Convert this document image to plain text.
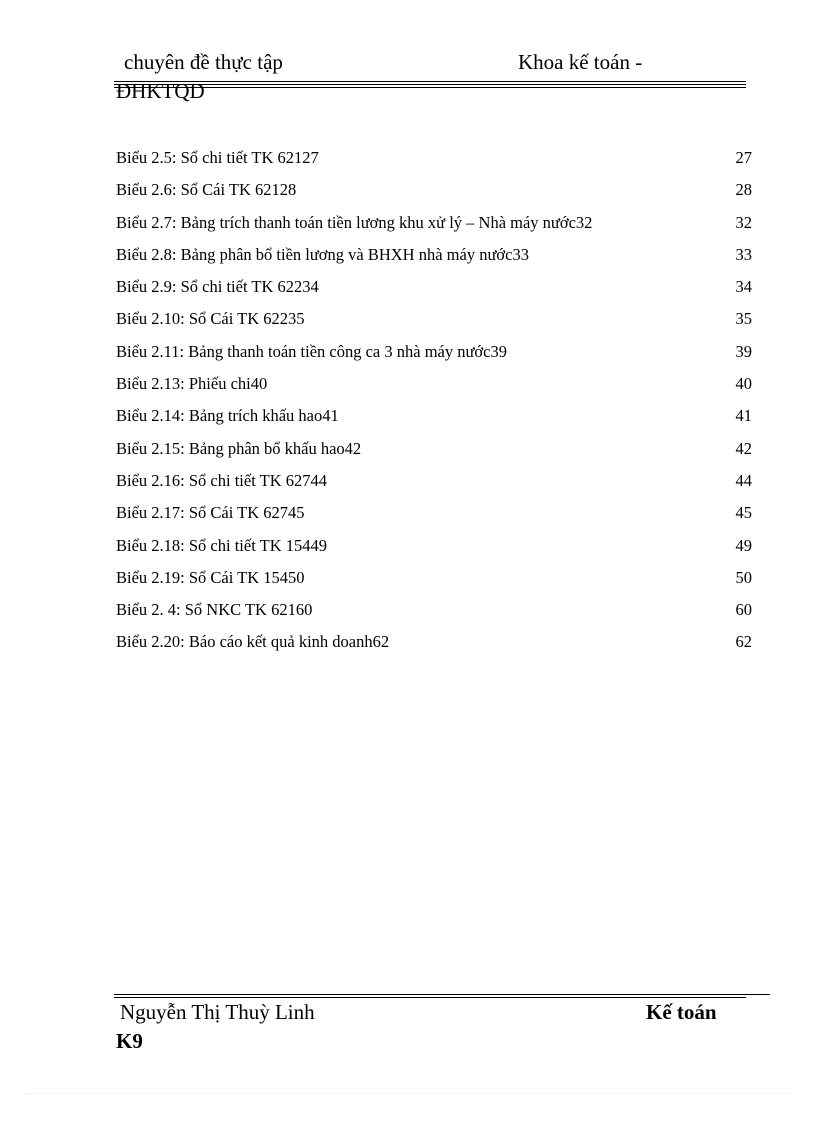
chuyên đề thực tập	Khoa kế toán -
ĐHKTQD
Biểu 2.5: Sổ chi tiết TK 62127	27
Biểu 2.6: Sổ Cái TK 62128	28
Biểu 2.7: Bảng trích thanh toán tiền lương khu xử lý – Nhà máy nước32	32
Biểu 2.8: Bảng phân bổ tiền lương và BHXH nhà máy nước33	33
Biểu 2.9: Sổ chi tiết TK 62234	34
Biểu 2.10: Sổ Cái TK 62235	35
Biểu 2.11: Bảng thanh toán tiền công ca 3 nhà máy nước39	39
Biểu 2.13: Phiếu chi40	40
Biểu 2.14: Bảng trích khấu hao41	41
Biểu 2.15: Bảng phân bổ khấu hao42	42
Biểu 2.16: Sổ chi tiết TK 62744	44
Biểu 2.17: Sổ Cái TK 62745	45
Biểu 2.18: Sổ chi tiết TK 15449	49
Biểu 2.19: Sổ Cái TK 15450	50
Biểu 2. 4: Sổ NKC TK 62160	60
Biểu 2.20: Báo cáo kết quả kinh doanh62	62
Nguyễn Thị Thuỳ Linh	Kế toán
K9
